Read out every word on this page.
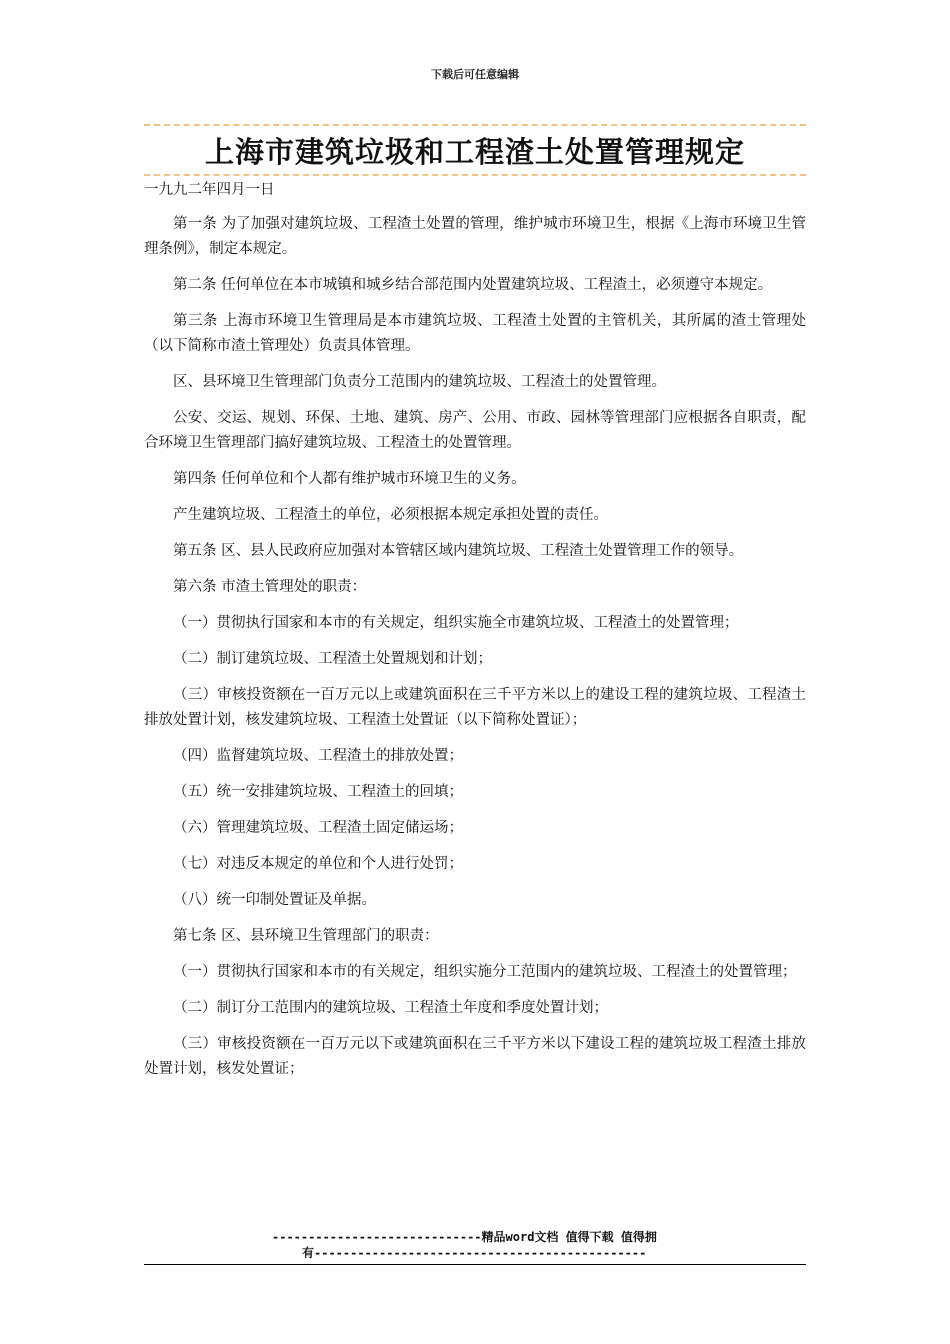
下载后可任意编辑
上海市建筑垃圾和工程渣土处置管理规定
一九九二年四月一日

第一条 为了加强对建筑垃圾、工程渣土处置的管理，维护城市环境卫生，根据《上海市环境卫生管理条例》，制定本规定。

第二条 任何单位在本市城镇和城乡结合部范围内处置建筑垃圾、工程渣土，必须遵守本规定。

第三条 上海市环境卫生管理局是本市建筑垃圾、工程渣土处置的主管机关，其所属的渣土管理处（以下简称市渣土管理处）负责具体管理。

区、县环境卫生管理部门负责分工范围内的建筑垃圾、工程渣土的处置管理。

公安、交运、规划、环保、土地、建筑、房产、公用、市政、园林等管理部门应根据各自职责，配合环境卫生管理部门搞好建筑垃圾、工程渣土的处置管理。

第四条 任何单位和个人都有维护城市环境卫生的义务。

产生建筑垃圾、工程渣土的单位，必须根据本规定承担处置的责任。

第五条 区、县人民政府应加强对本管辖区域内建筑垃圾、工程渣土处置管理工作的领导。

第六条 市渣土管理处的职责：

（一）贯彻执行国家和本市的有关规定，组织实施全市建筑垃圾、工程渣土的处置管理；

（二）制订建筑垃圾、工程渣土处置规划和计划；

（三）审核投资额在一百万元以上或建筑面积在三千平方米以上的建设工程的建筑垃圾、工程渣土排放处置计划，核发建筑垃圾、工程渣土处置证（以下简称处置证）；

（四）监督建筑垃圾、工程渣土的排放处置；

（五）统一安排建筑垃圾、工程渣土的回填；

（六）管理建筑垃圾、工程渣土固定储运场；

（七）对违反本规定的单位和个人进行处罚；

（八）统一印制处置证及单据。

第七条 区、县环境卫生管理部门的职责：

（一）贯彻执行国家和本市的有关规定，组织实施分工范围内的建筑垃圾、工程渣土的处置管理；

（二）制订分工范围内的建筑垃圾、工程渣土年度和季度处置计划；

（三）审核投资额在一百万元以下或建筑面积在三千平方米以下建设工程的建筑垃圾工程渣土排放处置计划，核发处置证；

-----------------------------精品word文档 值得下载 值得拥
有----------------------------------------------
